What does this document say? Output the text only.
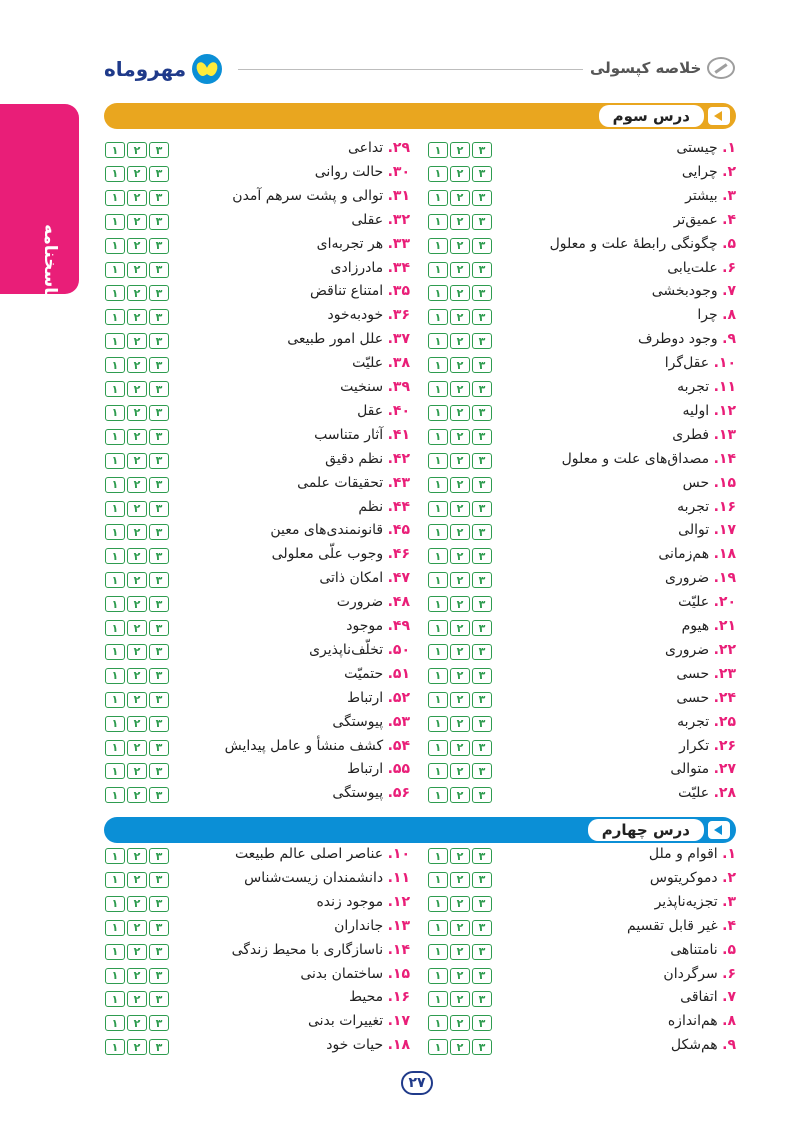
مهروماه	خلاصه کپسولی
پاسخنامه
درس سوم
۱. چیستی
۱	۲	۳
۲. چرایی
۱	۲	۳
۳. بیشتر
۱	۲	۳
۴. عمیق‌تر
۱	۲	۳
۵. چگونگی رابطهٔ علت و معلول
۱	۲	۳
۶. علت‌یابی
۱	۲	۳
۷. وجودبخشی
۱	۲	۳
۸. چرا
۱	۲	۳
۹. وجود دوطرف
۱	۲	۳
۱۰. عقل‌گرا
۱	۲	۳
۱۱. تجربه
۱	۲	۳
۱۲. اولیه
۱	۲	۳
۱۳. فطری
۱	۲	۳
۱۴. مصداق‌های علت و معلول
۱	۲	۳
۱۵. حس
۱	۲	۳
۱۶. تجربه
۱	۲	۳
۱۷. توالی
۱	۲	۳
۱۸. هم‌زمانی
۱	۲	۳
۱۹. ضروری
۱	۲	۳
۲۰. علیّت
۱	۲	۳
۲۱. هیوم
۱	۲	۳
۲۲. ضروری
۱	۲	۳
۲۳. حسی
۱	۲	۳
۲۴. حسی
۱	۲	۳
۲۵. تجربه
۱	۲	۳
۲۶. تکرار
۱	۲	۳
۲۷. متوالی
۱	۲	۳
۲۸. علیّت
۱	۲	۳
۲۹. تداعی
۱	۲	۳
۳۰. حالت روانی
۱	۲	۳
۳۱. توالی و پشت سرهم آمدن
۱	۲	۳
۳۲. عقلی
۱	۲	۳
۳۳. هر تجربه‌ای
۱	۲	۳
۳۴. مادرزادی
۱	۲	۳
۳۵. امتناع تناقض
۱	۲	۳
۳۶. خودبه‌خود
۱	۲	۳
۳۷. علل امور طبیعی
۱	۲	۳
۳۸. علیّت
۱	۲	۳
۳۹. سنخیت
۱	۲	۳
۴۰. عقل
۱	۲	۳
۴۱. آثار متناسب
۱	۲	۳
۴۲. نظم دقیق
۱	۲	۳
۴۳. تحقیقات علمی
۱	۲	۳
۴۴. نظم
۱	۲	۳
۴۵. قانونمندی‌های معین
۱	۲	۳
۴۶. وجوب علّی معلولی
۱	۲	۳
۴۷. امکان ذاتی
۱	۲	۳
۴۸. ضرورت
۱	۲	۳
۴۹. موجود
۱	۲	۳
۵۰. تخلّف‌ناپذیری
۱	۲	۳
۵۱. حتمیّت
۱	۲	۳
۵۲. ارتباط
۱	۲	۳
۵۳. پیوستگی
۱	۲	۳
۵۴. کشف منشأ و عامل پیدایش
۱	۲	۳
۵۵. ارتباط
۱	۲	۳
۵۶. پیوستگی
۱	۲	۳
درس چهارم
۱. اقوام و ملل
۱	۲	۳
۲. دموکریتوس
۱	۲	۳
۳. تجزیه‌ناپذیر
۱	۲	۳
۴. غیر قابل تقسیم
۱	۲	۳
۵. نامتناهی
۱	۲	۳
۶. سرگردان
۱	۲	۳
۷. اتفاقی
۱	۲	۳
۸. هم‌اندازه
۱	۲	۳
۹. هم‌شکل
۱	۲	۳
۱۰. عناصر اصلی عالم طبیعت
۱	۲	۳
۱۱. دانشمندان زیست‌شناس
۱	۲	۳
۱۲. موجود زنده
۱	۲	۳
۱۳. جانداران
۱	۲	۳
۱۴. ناسازگاری با محیط زندگی
۱	۲	۳
۱۵. ساختمان بدنی
۱	۲	۳
۱۶. محیط
۱	۲	۳
۱۷. تغییرات بدنی
۱	۲	۳
۱۸. حیات خود
۱	۲	۳
۲۷
